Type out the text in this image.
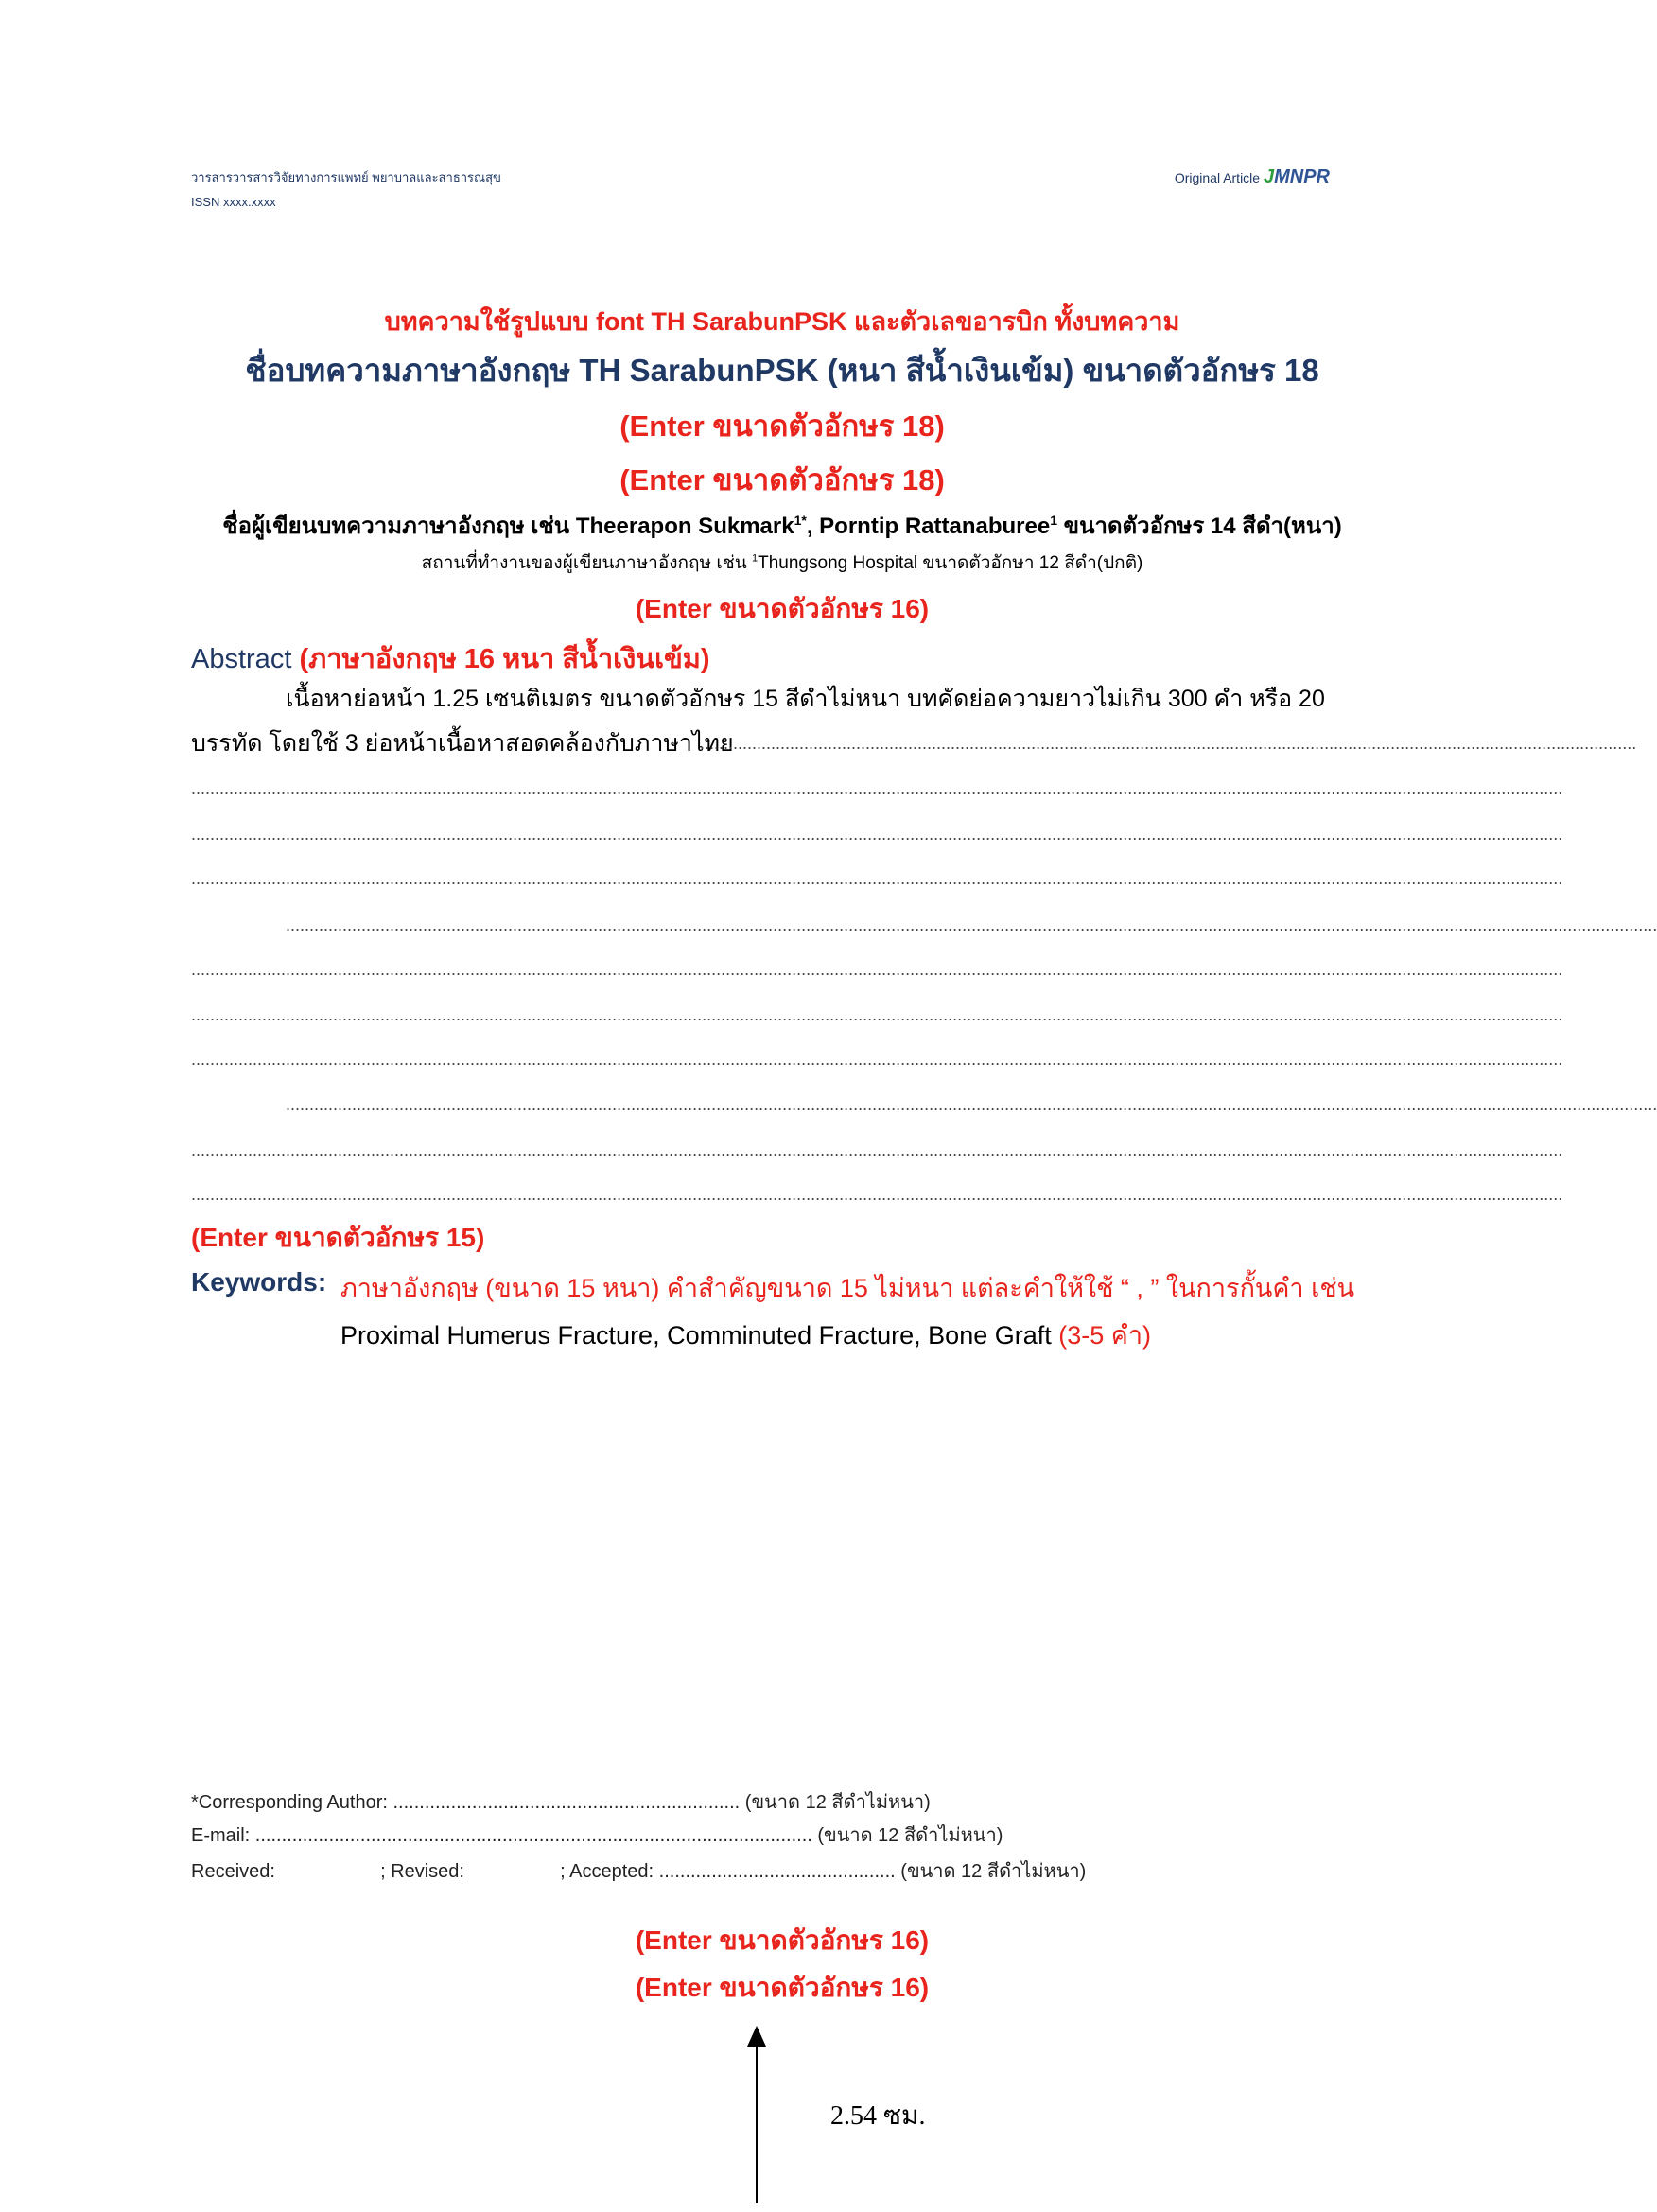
วารสารวารสารวิจัยทางการแพทย์ พยาบาลและสาธารณสุข
ISSN xxxx.xxxx
Original Article JMNPR
บทความใช้รูปแบบ font TH SarabunPSK และตัวเลขอารบิก ทั้งบทความ
ชื่อบทความภาษาอังกฤษ TH SarabunPSK (หนา สีน้ำเงินเข้ม) ขนาดตัวอักษร 18
(Enter ขนาดตัวอักษร 18)
(Enter ขนาดตัวอักษร 18)
ชื่อผู้เขียนบทความภาษาอังกฤษ เช่น Theerapon Sukmark$^{1*}$, Porntip Rattanaburee$^1$ ขนาดตัวอักษร 14 สีดำ(หนา)
สถานที่ทำงานของผู้เขียนภาษาอังกฤษ เช่น $^1$Thungsong Hospital ขนาดตัวอักษา 12 สีดำ(ปกติ)
(Enter ขนาดตัวอักษร 16)
Abstract (ภาษาอังกฤษ 16 หนา สีน้ำเงินเข้ม)
เนื้อหาย่อหน้า 1.25 เซนติเมตร ขนาดตัวอักษร 15 สีดำไม่หนา บทคัดย่อความยาวไม่เกิน 300 คำ หรือ 20
บรรทัด โดยใช้ 3 ย่อหน้าเนื้อหาสอดคล้องกับภาษาไทย
......................................................................................................................................................................................................
..................................................................................................................................................................................................................................................................................................
..................................................................................................................................................................................................................................................................................................
..................................................................................................................................................................................................................................................................................................
..................................................................................................................................................................................................................................................................................................
..................................................................................................................................................................................................................................................................................................
..................................................................................................................................................................................................................................................................................................
..................................................................................................................................................................................................................................................................................................
..................................................................................................................................................................................................................................................................................................
..................................................................................................................................................................................................................................................................................................
..................................................................................................................................................................................................................................................................................................
(Enter ขนาดตัวอักษร 15)
Keywords: ภาษาอังกฤษ (ขนาด 15 หนา) คำสำคัญขนาด 15 ไม่หนา แต่ละคำให้ใช้ “ , ” ในการกั้นคำ เช่น
Proximal Humerus Fracture, Comminuted Fracture, Bone Graft (3-5 คำ)
*Corresponding Author: .................................................................. (ขนาด 12 สีดำไม่หนา)
E-mail: .......................................................................................................... (ขนาด 12 สีดำไม่หนา)
Received:	; Revised:	; Accepted: ............................................. (ขนาด 12 สีดำไม่หนา)
(Enter ขนาดตัวอักษร 16)
(Enter ขนาดตัวอักษร 16)
2.54 ซม.
